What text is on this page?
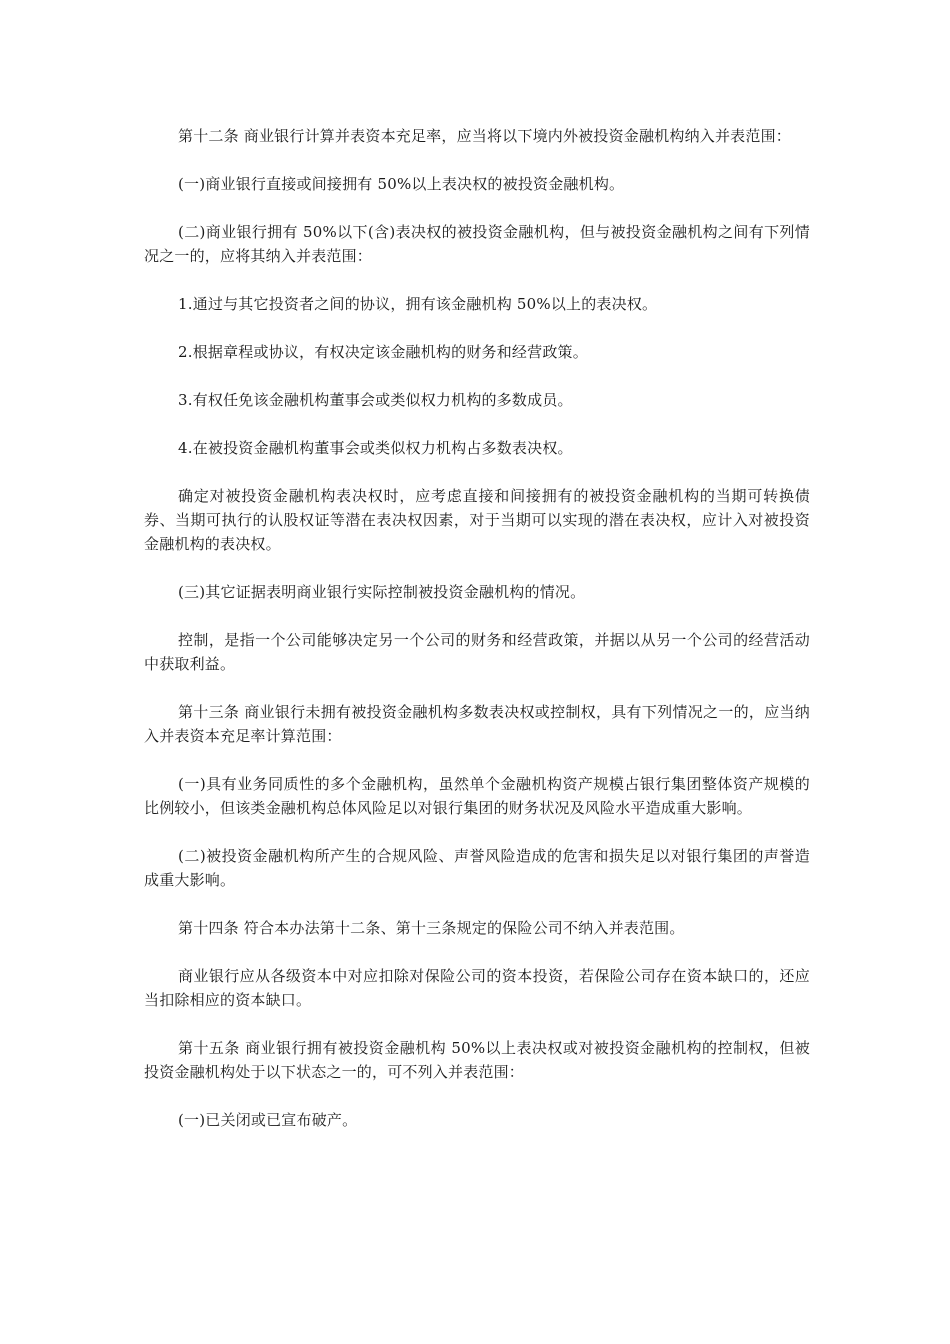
第十二条 商业银行计算并表资本充足率，应当将以下境内外被投资金融机构纳入并表范围：

(一)商业银行直接或间接拥有 50%以上表决权的被投资金融机构。

(二)商业银行拥有 50%以下(含)表决权的被投资金融机构，但与被投资金融机构之间有下列情况之一的，应将其纳入并表范围：

1.通过与其它投资者之间的协议，拥有该金融机构 50%以上的表决权。

2.根据章程或协议，有权决定该金融机构的财务和经营政策。

3.有权任免该金融机构董事会或类似权力机构的多数成员。

4.在被投资金融机构董事会或类似权力机构占多数表决权。

确定对被投资金融机构表决权时，应考虑直接和间接拥有的被投资金融机构的当期可转换债券、当期可执行的认股权证等潜在表决权因素，对于当期可以实现的潜在表决权，应计入对被投资金融机构的表决权。

(三)其它证据表明商业银行实际控制被投资金融机构的情况。

控制，是指一个公司能够决定另一个公司的财务和经营政策，并据以从另一个公司的经营活动中获取利益。

第十三条 商业银行未拥有被投资金融机构多数表决权或控制权，具有下列情况之一的，应当纳入并表资本充足率计算范围：

(一)具有业务同质性的多个金融机构，虽然单个金融机构资产规模占银行集团整体资产规模的比例较小，但该类金融机构总体风险足以对银行集团的财务状况及风险水平造成重大影响。

(二)被投资金融机构所产生的合规风险、声誉风险造成的危害和损失足以对银行集团的声誉造成重大影响。

第十四条 符合本办法第十二条、第十三条规定的保险公司不纳入并表范围。

商业银行应从各级资本中对应扣除对保险公司的资本投资，若保险公司存在资本缺口的，还应当扣除相应的资本缺口。

第十五条 商业银行拥有被投资金融机构 50%以上表决权或对被投资金融机构的控制权，但被投资金融机构处于以下状态之一的，可不列入并表范围：

(一)已关闭或已宣布破产。
